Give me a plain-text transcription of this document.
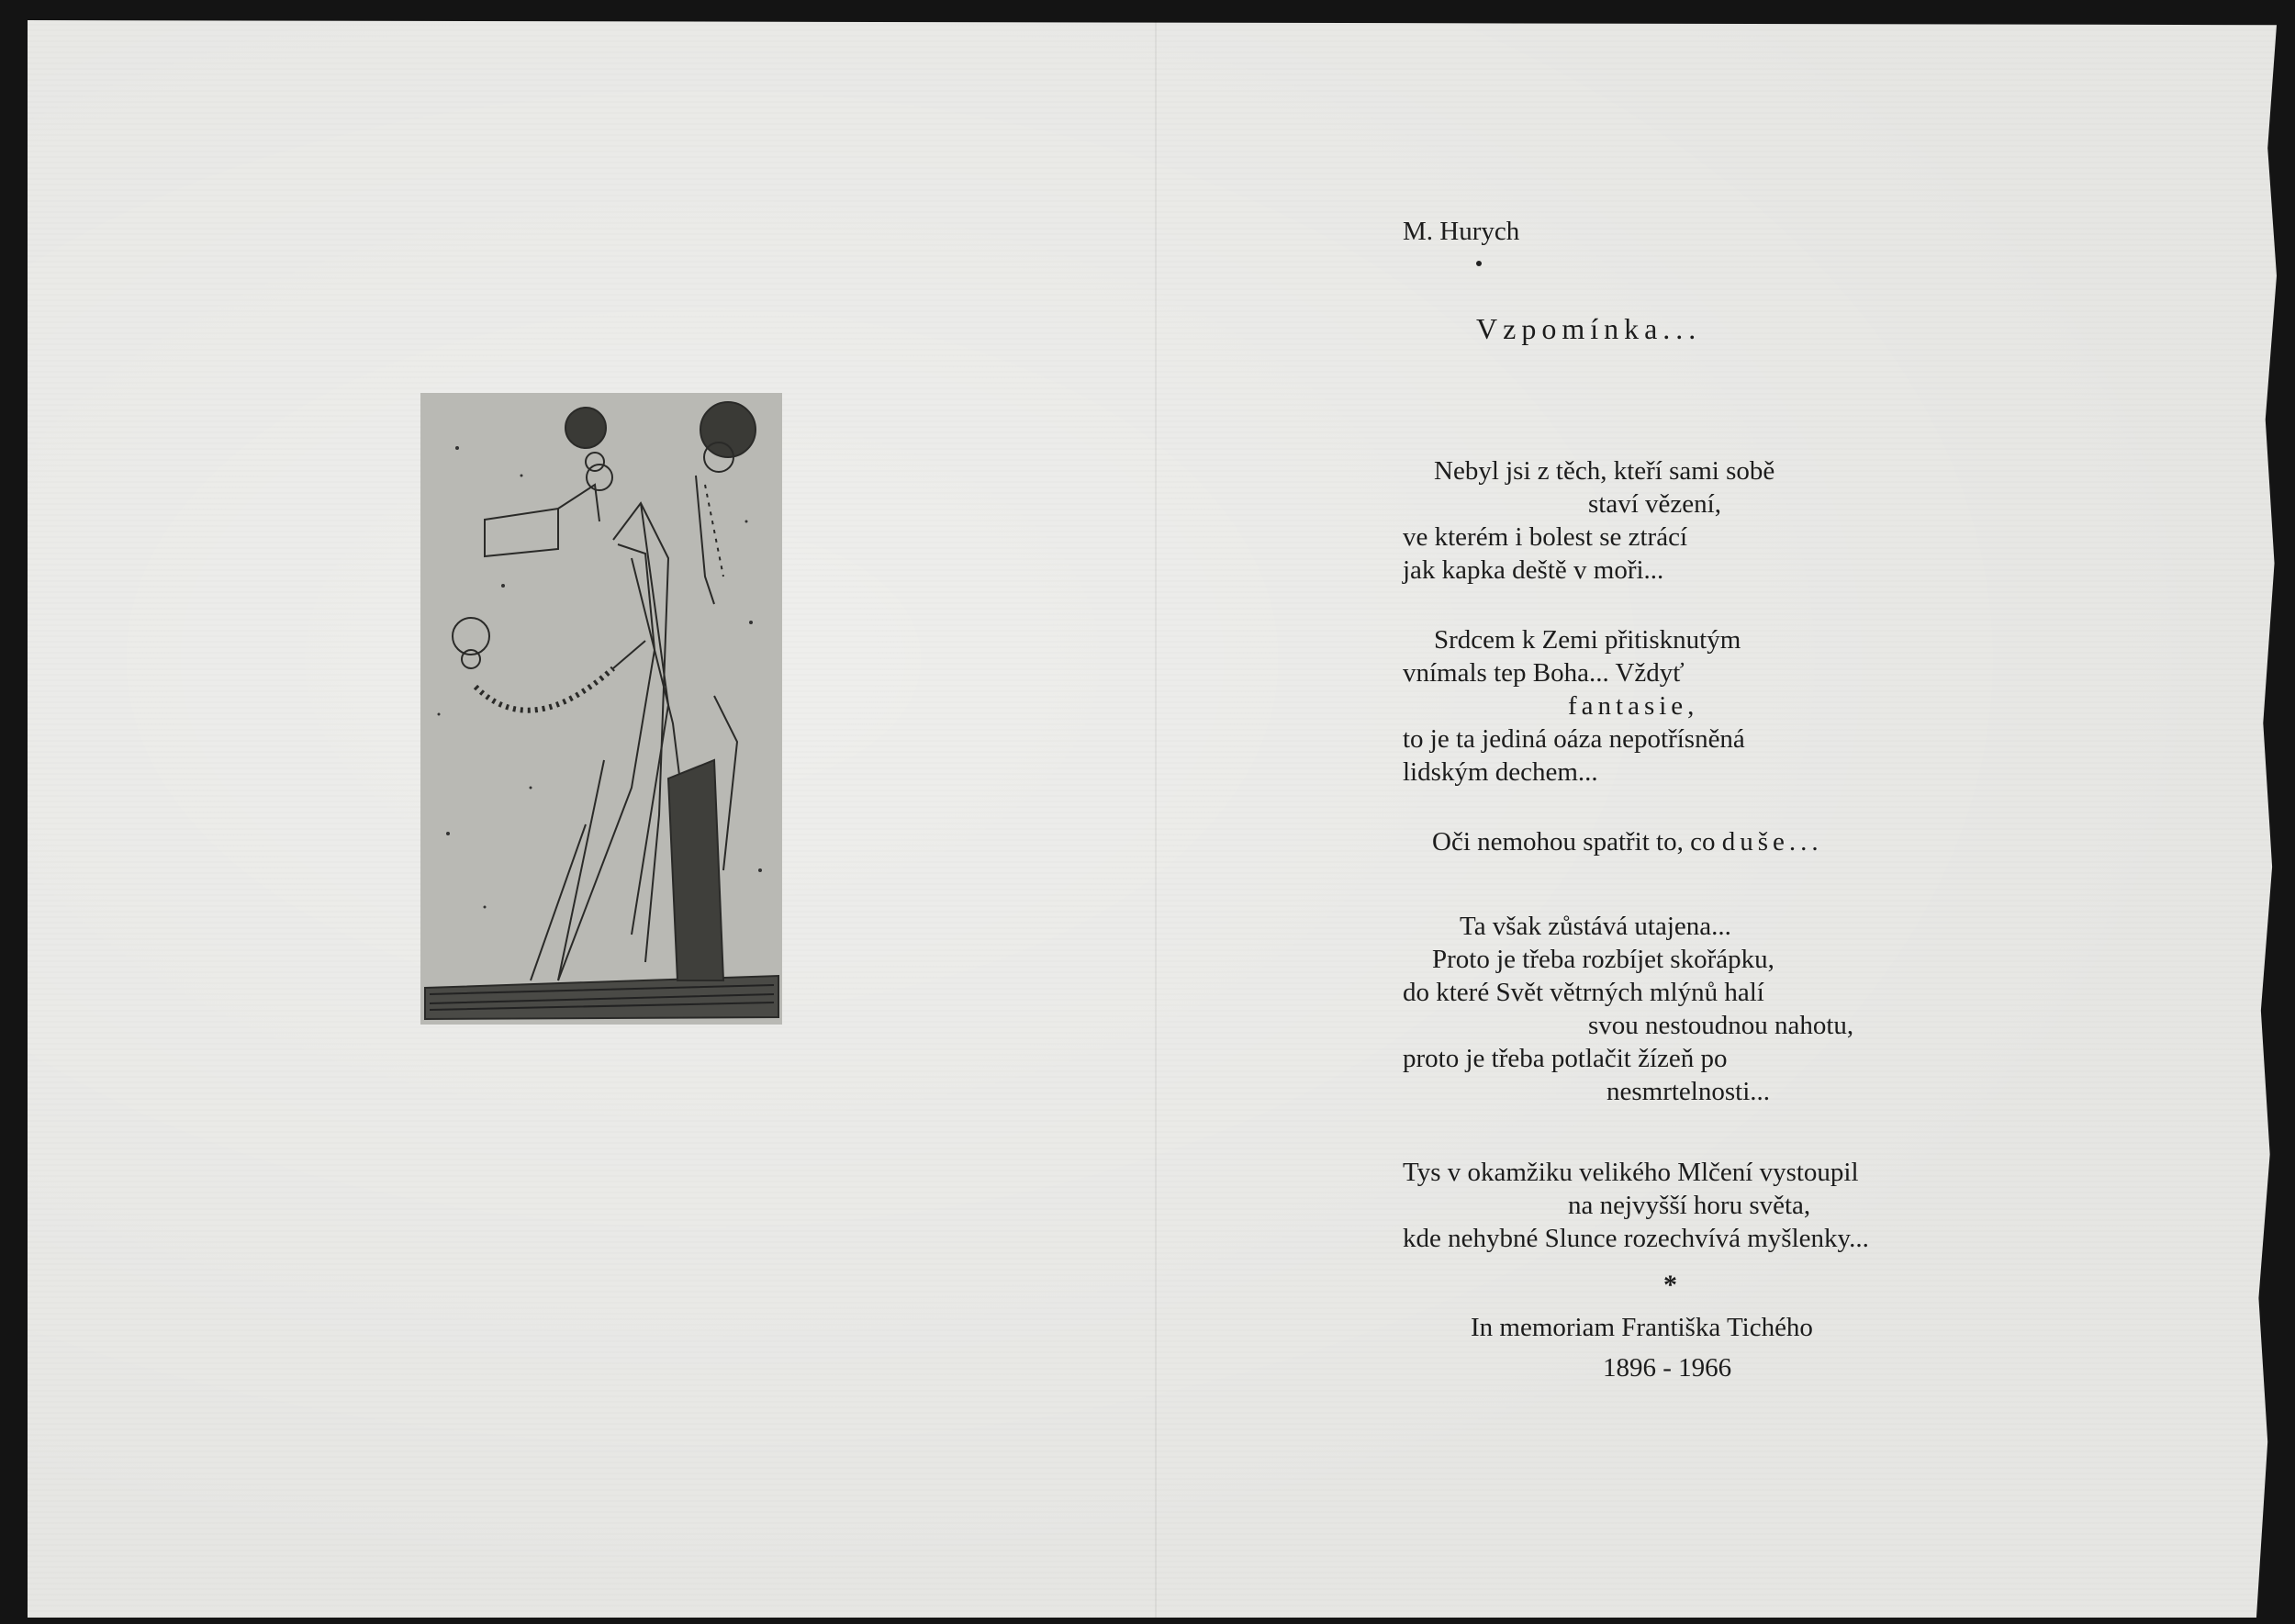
M. Hurych
Vzpomínka...
Nebyl jsi z těch, kteří sami sobě
staví vězení,
ve kterém i bolest se ztrácí
jak kapka deště v moři...
Srdcem k Zemi přitisknutým
vnímals tep Boha... Vždyť
fantasie,
to je ta jediná oáza nepotřísněná
lidským dechem...
Oči nemohou spatřit to, co duše...
Ta však zůstává utajena...
Proto je třeba rozbíjet skořápku,
do které Svět větrných mlýnů halí
svou nestoudnou nahotu,
proto je třeba potlačit žízeň po
nesmrtelnosti...
Tys v okamžiku velikého Mlčení vystoupil
na nejvyšší horu světa,
kde nehybné Slunce rozechvívá myšlenky...
*
In memoriam Františka Tichého
1896 - 1966
